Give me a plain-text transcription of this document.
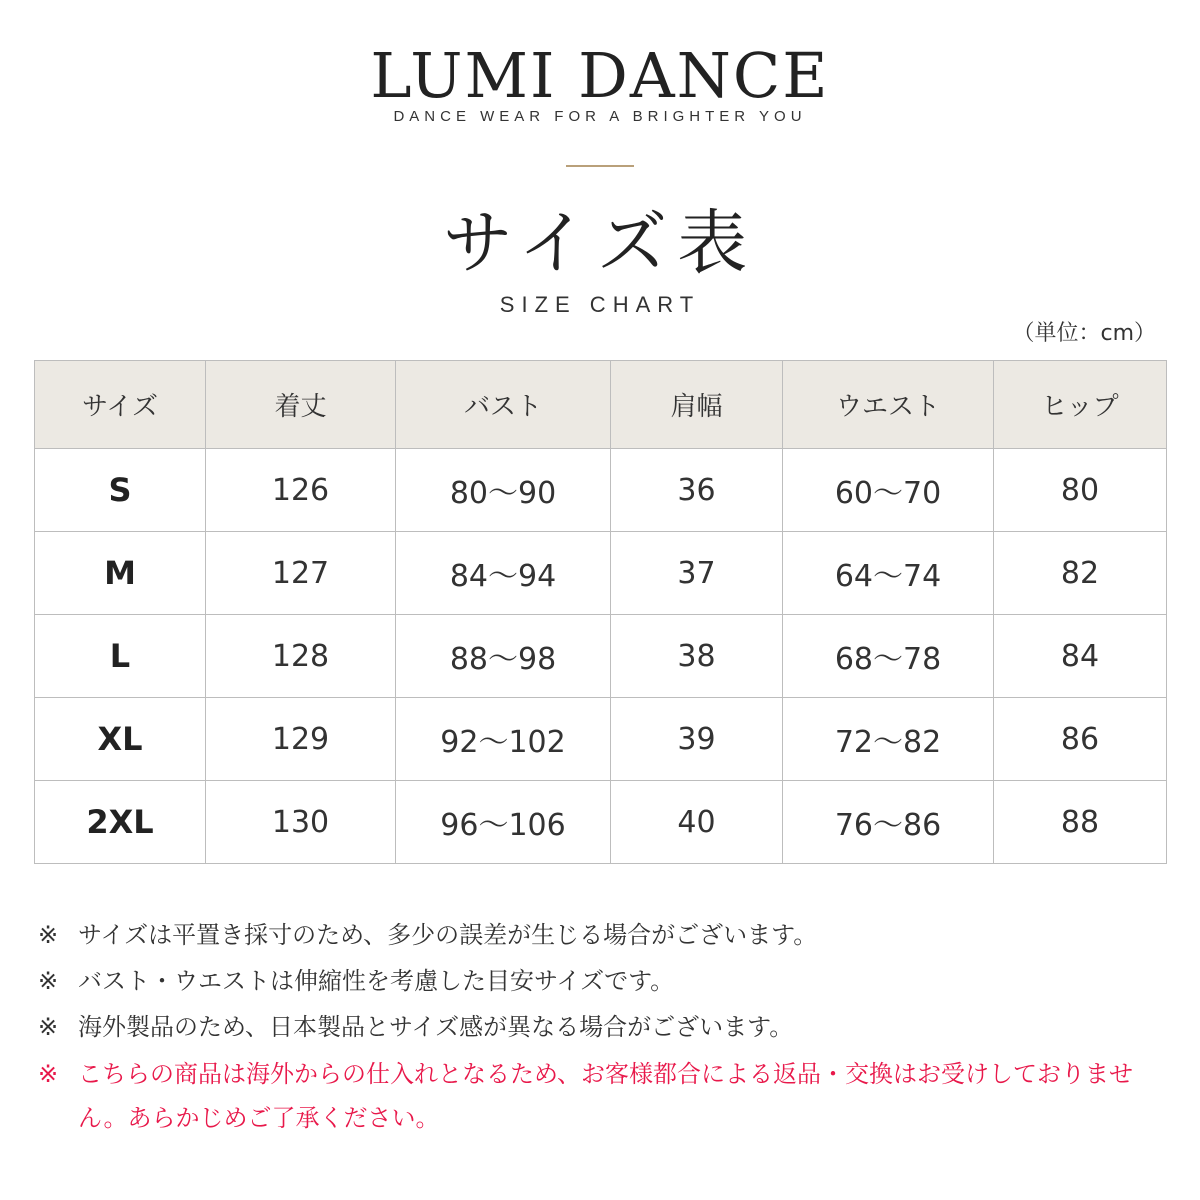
LUMI DANCE
DANCE WEAR FOR A BRIGHTER YOU
サイズ表
SIZE CHART
（単位：cm）
サイズ	着丈	バスト	肩幅	ウエスト	ヒップ
S	126	80～90	36	60～70	80
M	127	84～94	37	64～74	82
L	128	88～98	38	68～78	84
XL	129	92～102	39	72～82	86
2XL	130	96～106	40	76～86	88
※ サイズは平置き採寸のため、多少の誤差が生じる場合がございます。
※ バスト・ウエストは伸縮性を考慮した目安サイズです。
※ 海外製品のため、日本製品とサイズ感が異なる場合がございます。
※ こちらの商品は海外からの仕入れとなるため、お客様都合による返品・交換はお受けしておりません。あらかじめご了承ください。
